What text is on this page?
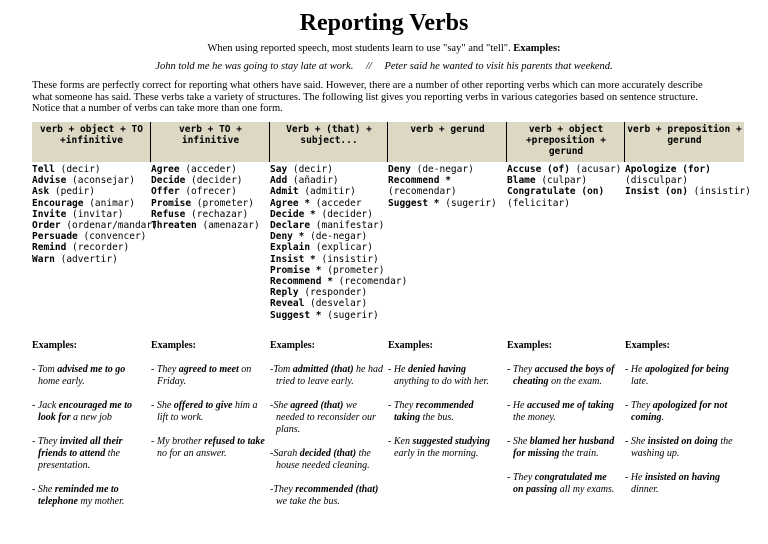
Reporting Verbs
When using reported speech, most students learn to use "say" and "tell". Examples:
John told me he was going to stay late at work. // Peter said he wanted to visit his parents that weekend.
These forms are perfectly correct for reporting what others have said. However, there are a number of other reporting verbs which can more accurately describe
what someone has said. These verbs take a variety of structures. The following list gives you reporting verbs in various categories based on sentence structure.
Notice that a number of verbs can take more than one form.
verb + object + TO
+infinitive
Tell (decir)
Advise (aconsejar)
Ask (pedir)
Encourage (animar)
Invite (invitar)
Order (ordenar/mandar)
Persuade (convencer)
Remind (recorder)
Warn (advertir)
Examples:
- Tom advised me to go
home early.
- Jack encouraged me to
look for a new job
- They invited all their
friends to attend the
presentation.
- She reminded me to
telephone my mother.
verb + TO + infinitive
Agree (acceder)
Decide (decider)
Offer (ofrecer)
Promise (prometer)
Refuse (rechazar)
Threaten (amenazar)
Examples:
- They agreed to meet on
Friday.
- She offered to give him a
lift to work.
- My brother refused to take
no for an answer.
Verb + (that) +
subject...
Say (decir)
Add (añadir)
Admit (admitir)
Agree * (acceder
Decide * (decider)
Declare (manifestar)
Deny * (de-negar)
Explain (explicar)
Insist * (insistir)
Promise * (prometer)
Recommend * (recomendar)
Reply (responder)
Reveal (desvelar)
Suggest * (sugerir)
Examples:
-Tom admitted (that) he had
tried to leave early.
-She agreed (that) we
needed to reconsider our
plans.
-Sarah decided (that) the
house needed cleaning.
-They recommended (that)
we take the bus.
verb + gerund
Deny (de-negar)
Recommend *
(recomendar)
Suggest * (sugerir)
Examples:
- He denied having
anything to do with her.
- They recommended
taking the bus.
- Ken suggested studying
early in the morning.
verb + object
+preposition +
gerund
Accuse (of) (acusar)
Blame (culpar)
Congratulate (on)
(felicitar)
Examples:
- They accused the boys of
cheating on the exam.
- He accused me of taking
the money.
- She blamed her husband
for missing the train.
- They congratulated me
on passing all my exams.
verb + preposition +
gerund
Apologize (for)
(disculpar)
Insist (on) (insistir)
Examples:
- He apologized for being
late.
- They apologized for not
coming.
- She insisted on doing the
washing up.
- He insisted on having
dinner.
